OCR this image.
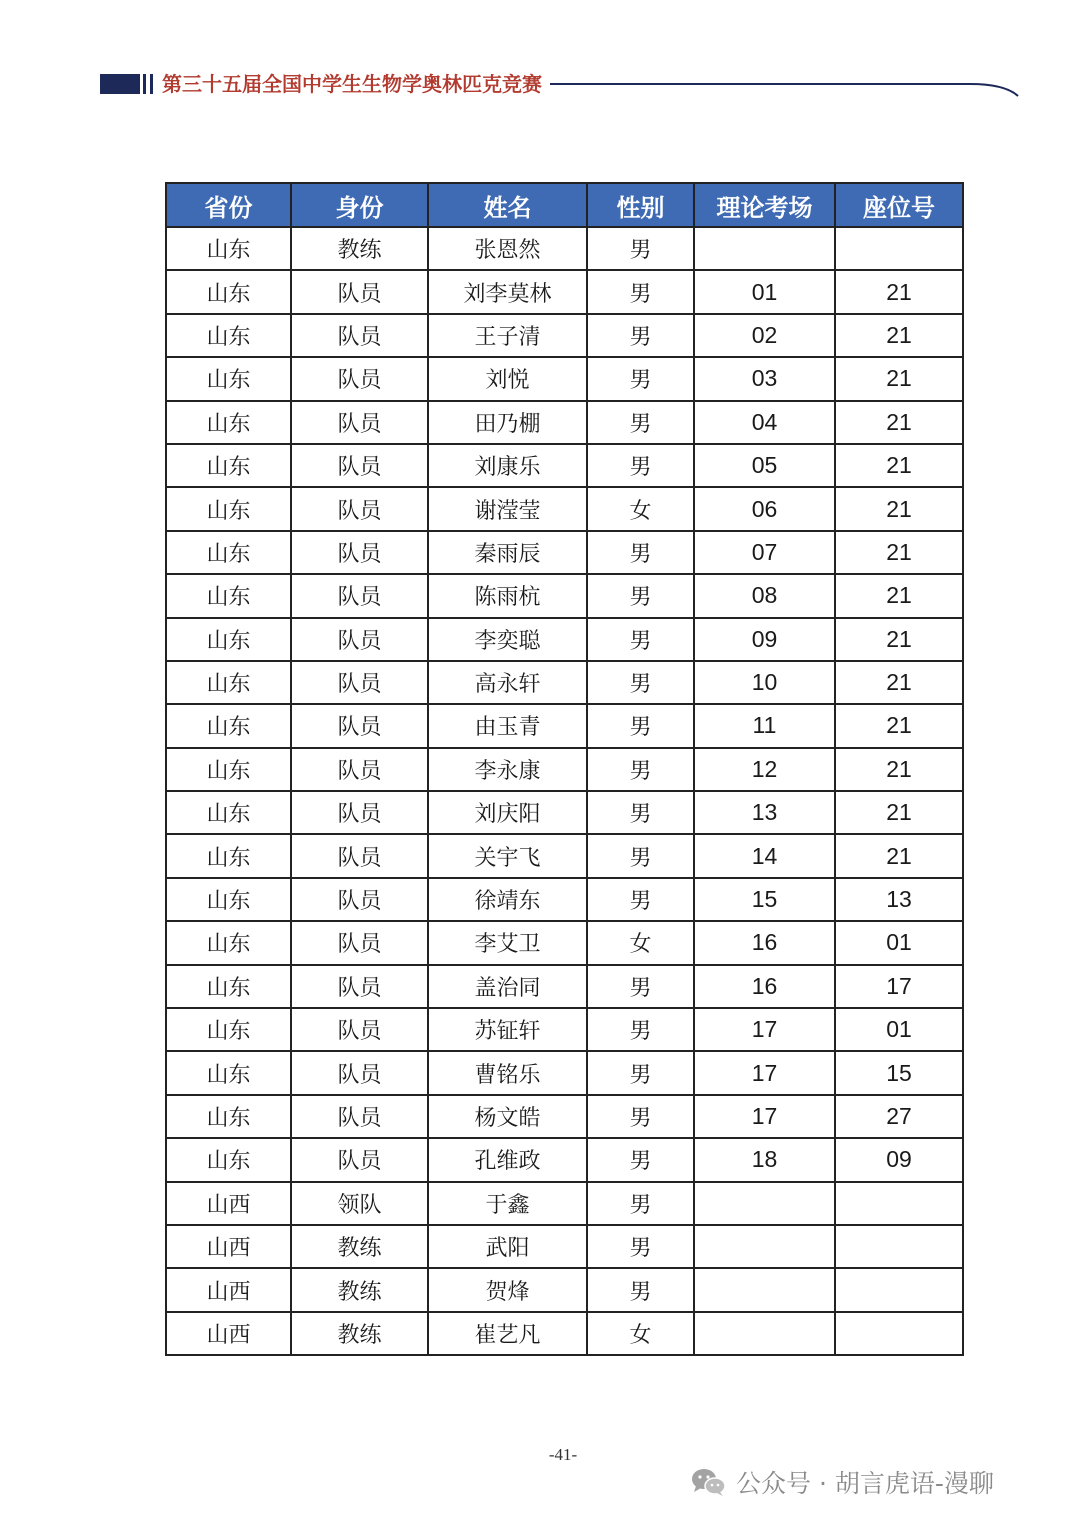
第三十五届全国中学生生物学奥林匹克竞赛
省份	身份	姓名	性别	理论考场	座位号
山东	教练	张恩然	男		
山东	队员	刘李莫林	男	01	21
山东	队员	王子清	男	02	21
山东	队员	刘悦	男	03	21
山东	队员	田乃棚	男	04	21
山东	队员	刘康乐	男	05	21
山东	队员	谢滢莹	女	06	21
山东	队员	秦雨辰	男	07	21
山东	队员	陈雨杭	男	08	21
山东	队员	李奕聪	男	09	21
山东	队员	高永轩	男	10	21
山东	队员	由玉青	男	11	21
山东	队员	李永康	男	12	21
山东	队员	刘庆阳	男	13	21
山东	队员	关宇飞	男	14	21
山东	队员	徐靖东	男	15	13
山东	队员	李艾卫	女	16	01
山东	队员	盖治同	男	16	17
山东	队员	苏钲轩	男	17	01
山东	队员	曹铭乐	男	17	15
山东	队员	杨文皓	男	17	27
山东	队员	孔维政	男	18	09
山西	领队	于鑫	男		
山西	教练	武阳	男		
山西	教练	贺烽	男		
山西	教练	崔艺凡	女		
-41-
公众号 · 胡言虎语-漫聊
